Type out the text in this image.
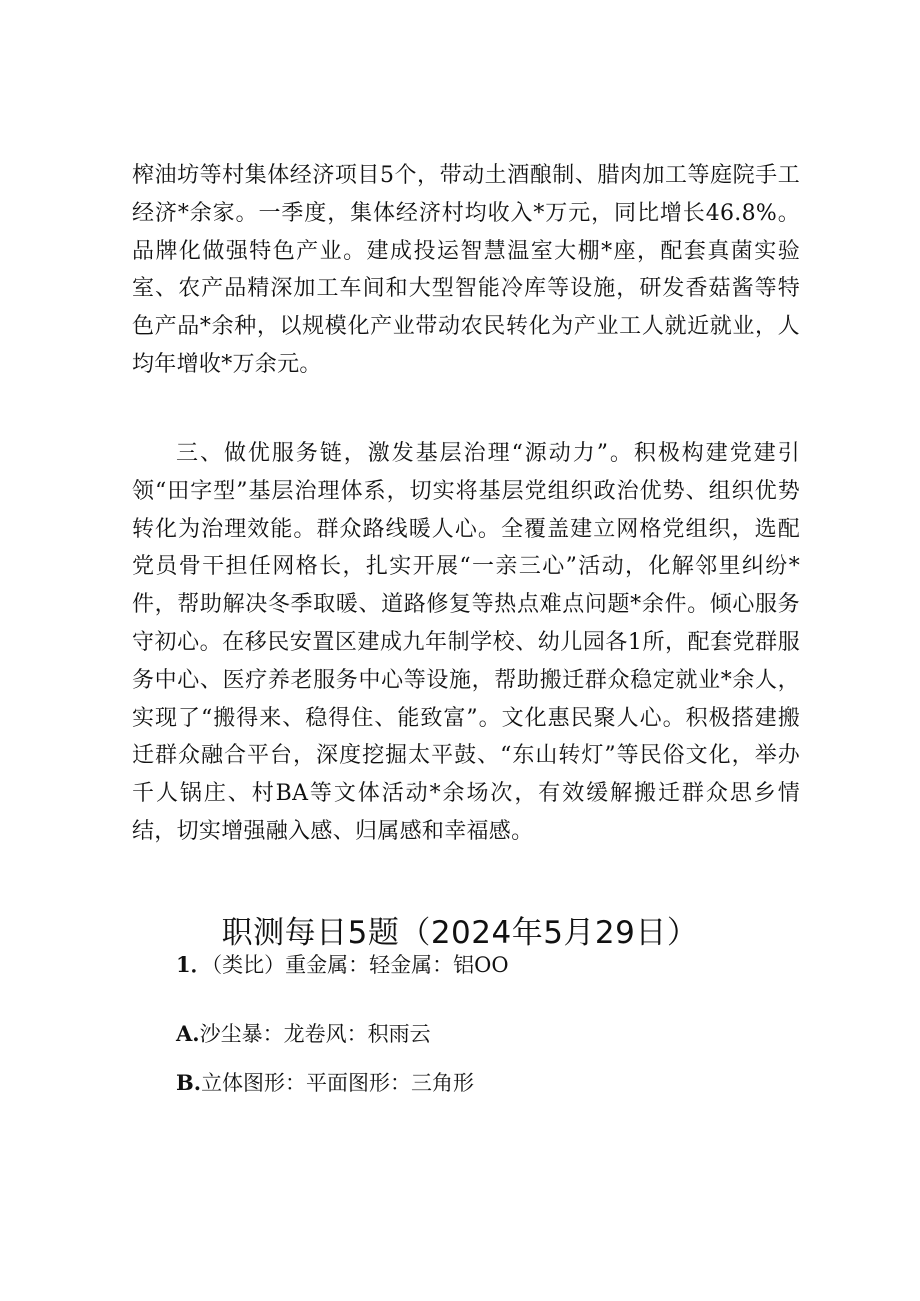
榨油坊等村集体经济项目5个，带动土酒酿制、腊肉加工等庭院手工经济*余家。一季度，集体经济村均收入*万元，同比增长46.8%。品牌化做强特色产业。建成投运智慧温室大棚*座，配套真菌实验室、农产品精深加工车间和大型智能冷库等设施，研发香菇酱等特色产品*余种，以规模化产业带动农民转化为产业工人就近就业，人均年增收*万余元。

三、做优服务链，激发基层治理“源动力”。积极构建党建引领“田字型”基层治理体系，切实将基层党组织政治优势、组织优势转化为治理效能。群众路线暖人心。全覆盖建立网格党组织，选配党员骨干担任网格长，扎实开展“一亲三心”活动，化解邻里纠纷*件，帮助解决冬季取暖、道路修复等热点难点问题*余件。倾心服务守初心。在移民安置区建成九年制学校、幼儿园各1所，配套党群服务中心、医疗养老服务中心等设施，帮助搬迁群众稳定就业*余人，实现了“搬得来、稳得住、能致富”。文化惠民聚人心。积极搭建搬迁群众融合平台，深度挖掘太平鼓、“东山转灯”等民俗文化，举办千人锅庄、村BA等文体活动*余场次，有效缓解搬迁群众思乡情结，切实增强融入感、归属感和幸福感。

职测每日5题（2024年5月29日）
1．（类比）重金属：轻金属：铝OO
A.沙尘暴：龙卷风：积雨云
B.立体图形：平面图形：三角形
